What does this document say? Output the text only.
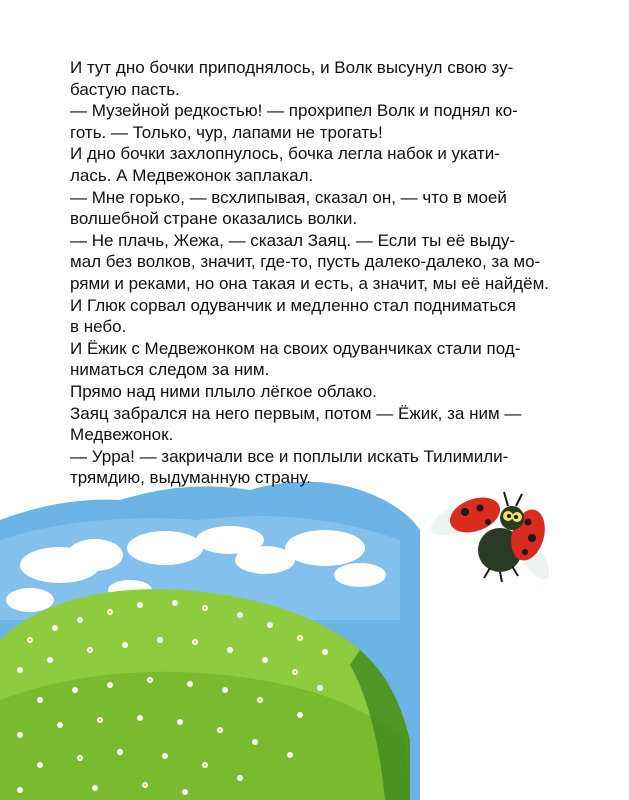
И тут дно бочки приподнялось, и Волк высунул свою зу-
бастую пасть.
— Музейной редкостью! — прохрипел Волк и поднял ко-
готь. — Только, чур, лапами не трогать!
И дно бочки захлопнулось, бочка легла набок и укати-
лась. А Медвежонок заплакал.
— Мне горько, — всхлипывая, сказал он, — что в моей
волшебной стране оказались волки.
— Не плачь, Жежа, — сказал Заяц. — Если ты её выду-
мал без волков, значит, где-то, пусть далеко-далеко, за мо-
рями и реками, но она такая и есть, а значит, мы её найдём.
И Глюк сорвал одуванчик и медленно стал подниматься
в небо.
И Ёжик с Медвежонком на своих одуванчиках стали под-
ниматься следом за ним.
Прямо над ними плыло лёгкое облако.
Заяц забрался на него первым, потом — Ёжик, за ним —
Медвежонок.
— Урра! — закричали все и поплыли искать Тилимили-
трямдию, выдуманную страну.
